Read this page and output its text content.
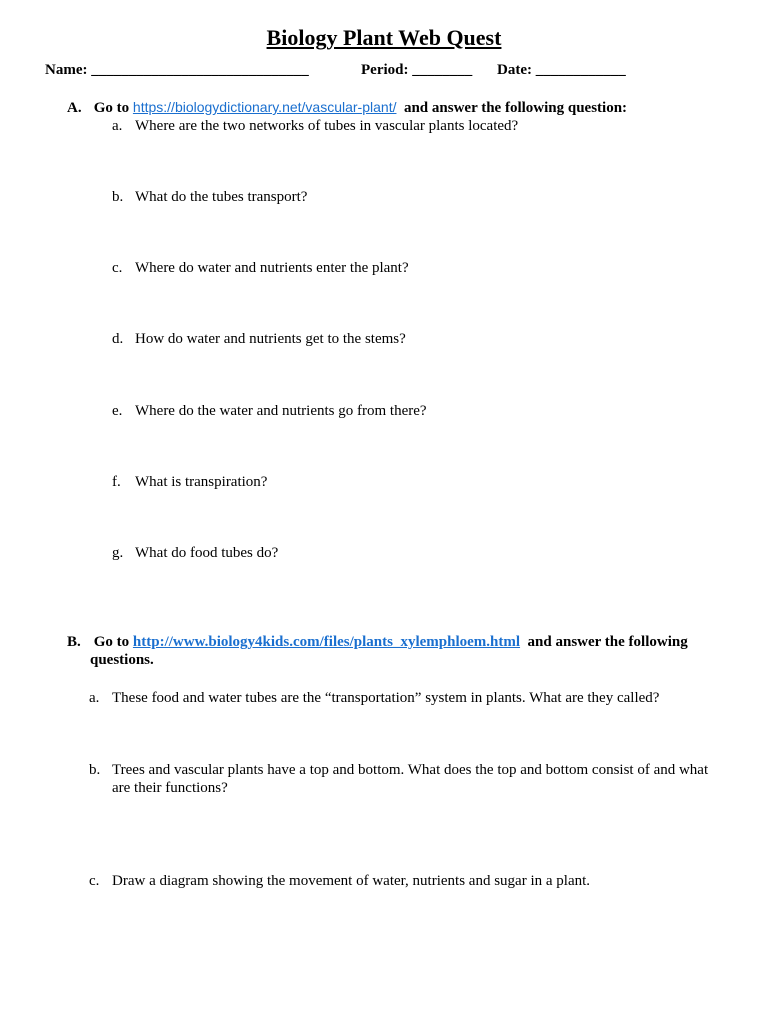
Biology Plant Web Quest
Name: _____________________________	Period: ________ Date: ____________
A. Go to https://biologydictionary.net/vascular-plant/ and answer the following question:
a. Where are the two networks of tubes in vascular plants located?
b. What do the tubes transport?
c. Where do water and nutrients enter the plant?
d. How do water and nutrients get to the stems?
e. Where do the water and nutrients go from there?
f. What is transpiration?
g. What do food tubes do?
B. Go to http://www.biology4kids.com/files/plants_xylemphloem.html and answer the following
questions.
a. These food and water tubes are the “transportation” system in plants. What are they called?
b. Trees and vascular plants have a top and bottom. What does the top and bottom consist of and what
are their functions?
c. Draw a diagram showing the movement of water, nutrients and sugar in a plant.
